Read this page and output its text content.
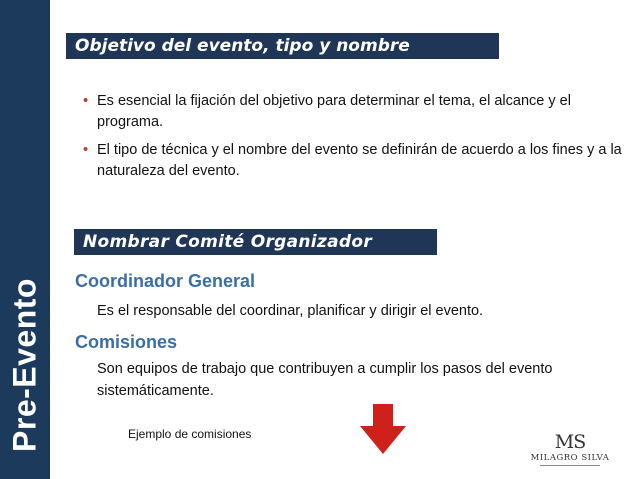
Pre-Evento
Objetivo del evento, tipo y nombre
• Es esencial la fijación del objetivo para determinar el tema, el alcance y el programa.
• El tipo de técnica y el nombre del evento se definirán de acuerdo a los fines y a la naturaleza del evento.
Nombrar Comité Organizador
Coordinador General
Es el responsable del coordinar, planificar y dirigir el evento.
Comisiones
Son equipos de trabajo que contribuyen a cumplir los pasos del evento sistemáticamente.
Ejemplo de comisiones	MS
MILAGRO SILVA
